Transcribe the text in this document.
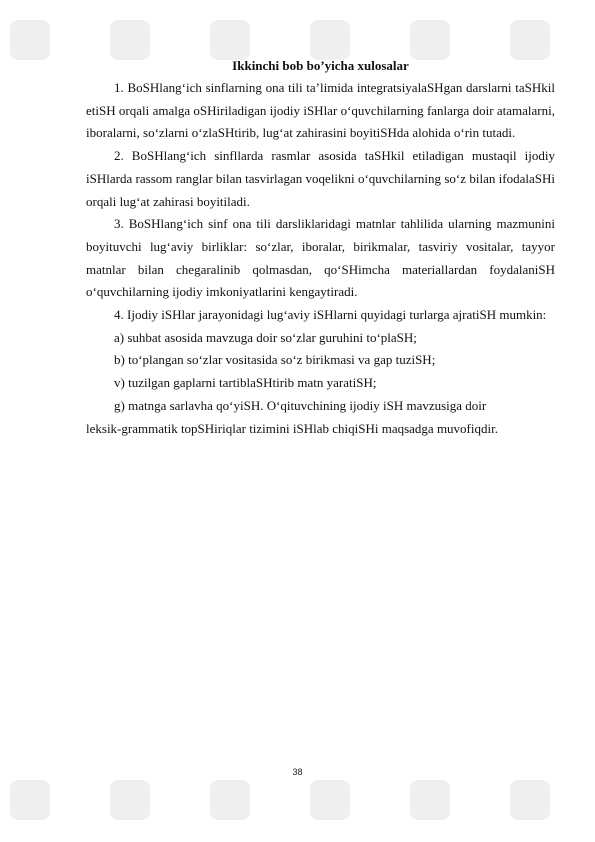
Ikkinchi bob bo’yicha xulosalar

1. BoSHlang‘ich sinflarning ona tili ta’limida integratsiyalaSHgan darslarni taSHkil etiSH orqali amalga oSHiriladigan ijodiy iSHlar o‘quvchilarning fanlarga doir atamalarni, iboralarni, so‘zlarni o‘zlaSHtirib, lug‘at zahirasini boyitiSHda alohida o‘rin tutadi.

2. BoSHlang‘ich sinfllarda rasmlar asosida taSHkil etiladigan mustaqil ijodiy iSHlarda rassom ranglar bilan tasvirlagan voqelikni o‘quvchilarning so‘z bilan ifodalaSHi orqali lug‘at zahirasi boyitiladi.

3. BoSHlang‘ich sinf ona tili darsliklaridagi matnlar tahlilida ularning mazmunini boyituvchi lug‘aviy birliklar: so‘zlar, iboralar, birikmalar, tasviriy vositalar, tayyor matnlar bilan chegaralinib qolmasdan, qo‘SHimcha materiallardan foydalaniSH o‘quvchilarning ijodiy imkoniyatlarini kengaytiradi.

4. Ijodiy iSHlar jarayonidagi lug‘aviy iSHlarni quyidagi turlarga ajratiSH mumkin:

a) suhbat asosida mavzuga doir so‘zlar guruhini to‘plaSH;

b) to‘plangan so‘zlar vositasida so‘z birikmasi va gap tuziSH;

v) tuzilgan gaplarni tartiblaSHtirib matn yaratiSH;

g) matnga sarlavha qo‘yiSH. O‘qituvchining ijodiy iSH mavzusiga doir

leksik-grammatik topSHiriqlar tizimini iSHlab chiqiSHi maqsadga muvofiqdir.

38
